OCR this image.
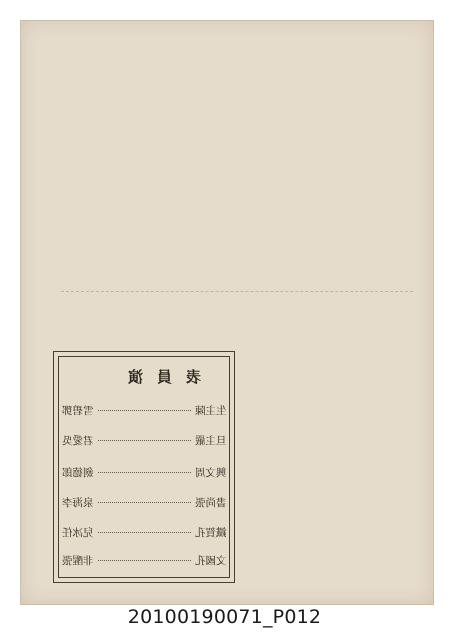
表員演
雪碧鄧	生主陳
君愛吳	旦主嚴
劍德郎	興文周
泉海李	書尚張
兒冰任	鐵賀孔
非醒張	文國孔
20100190071_P012
